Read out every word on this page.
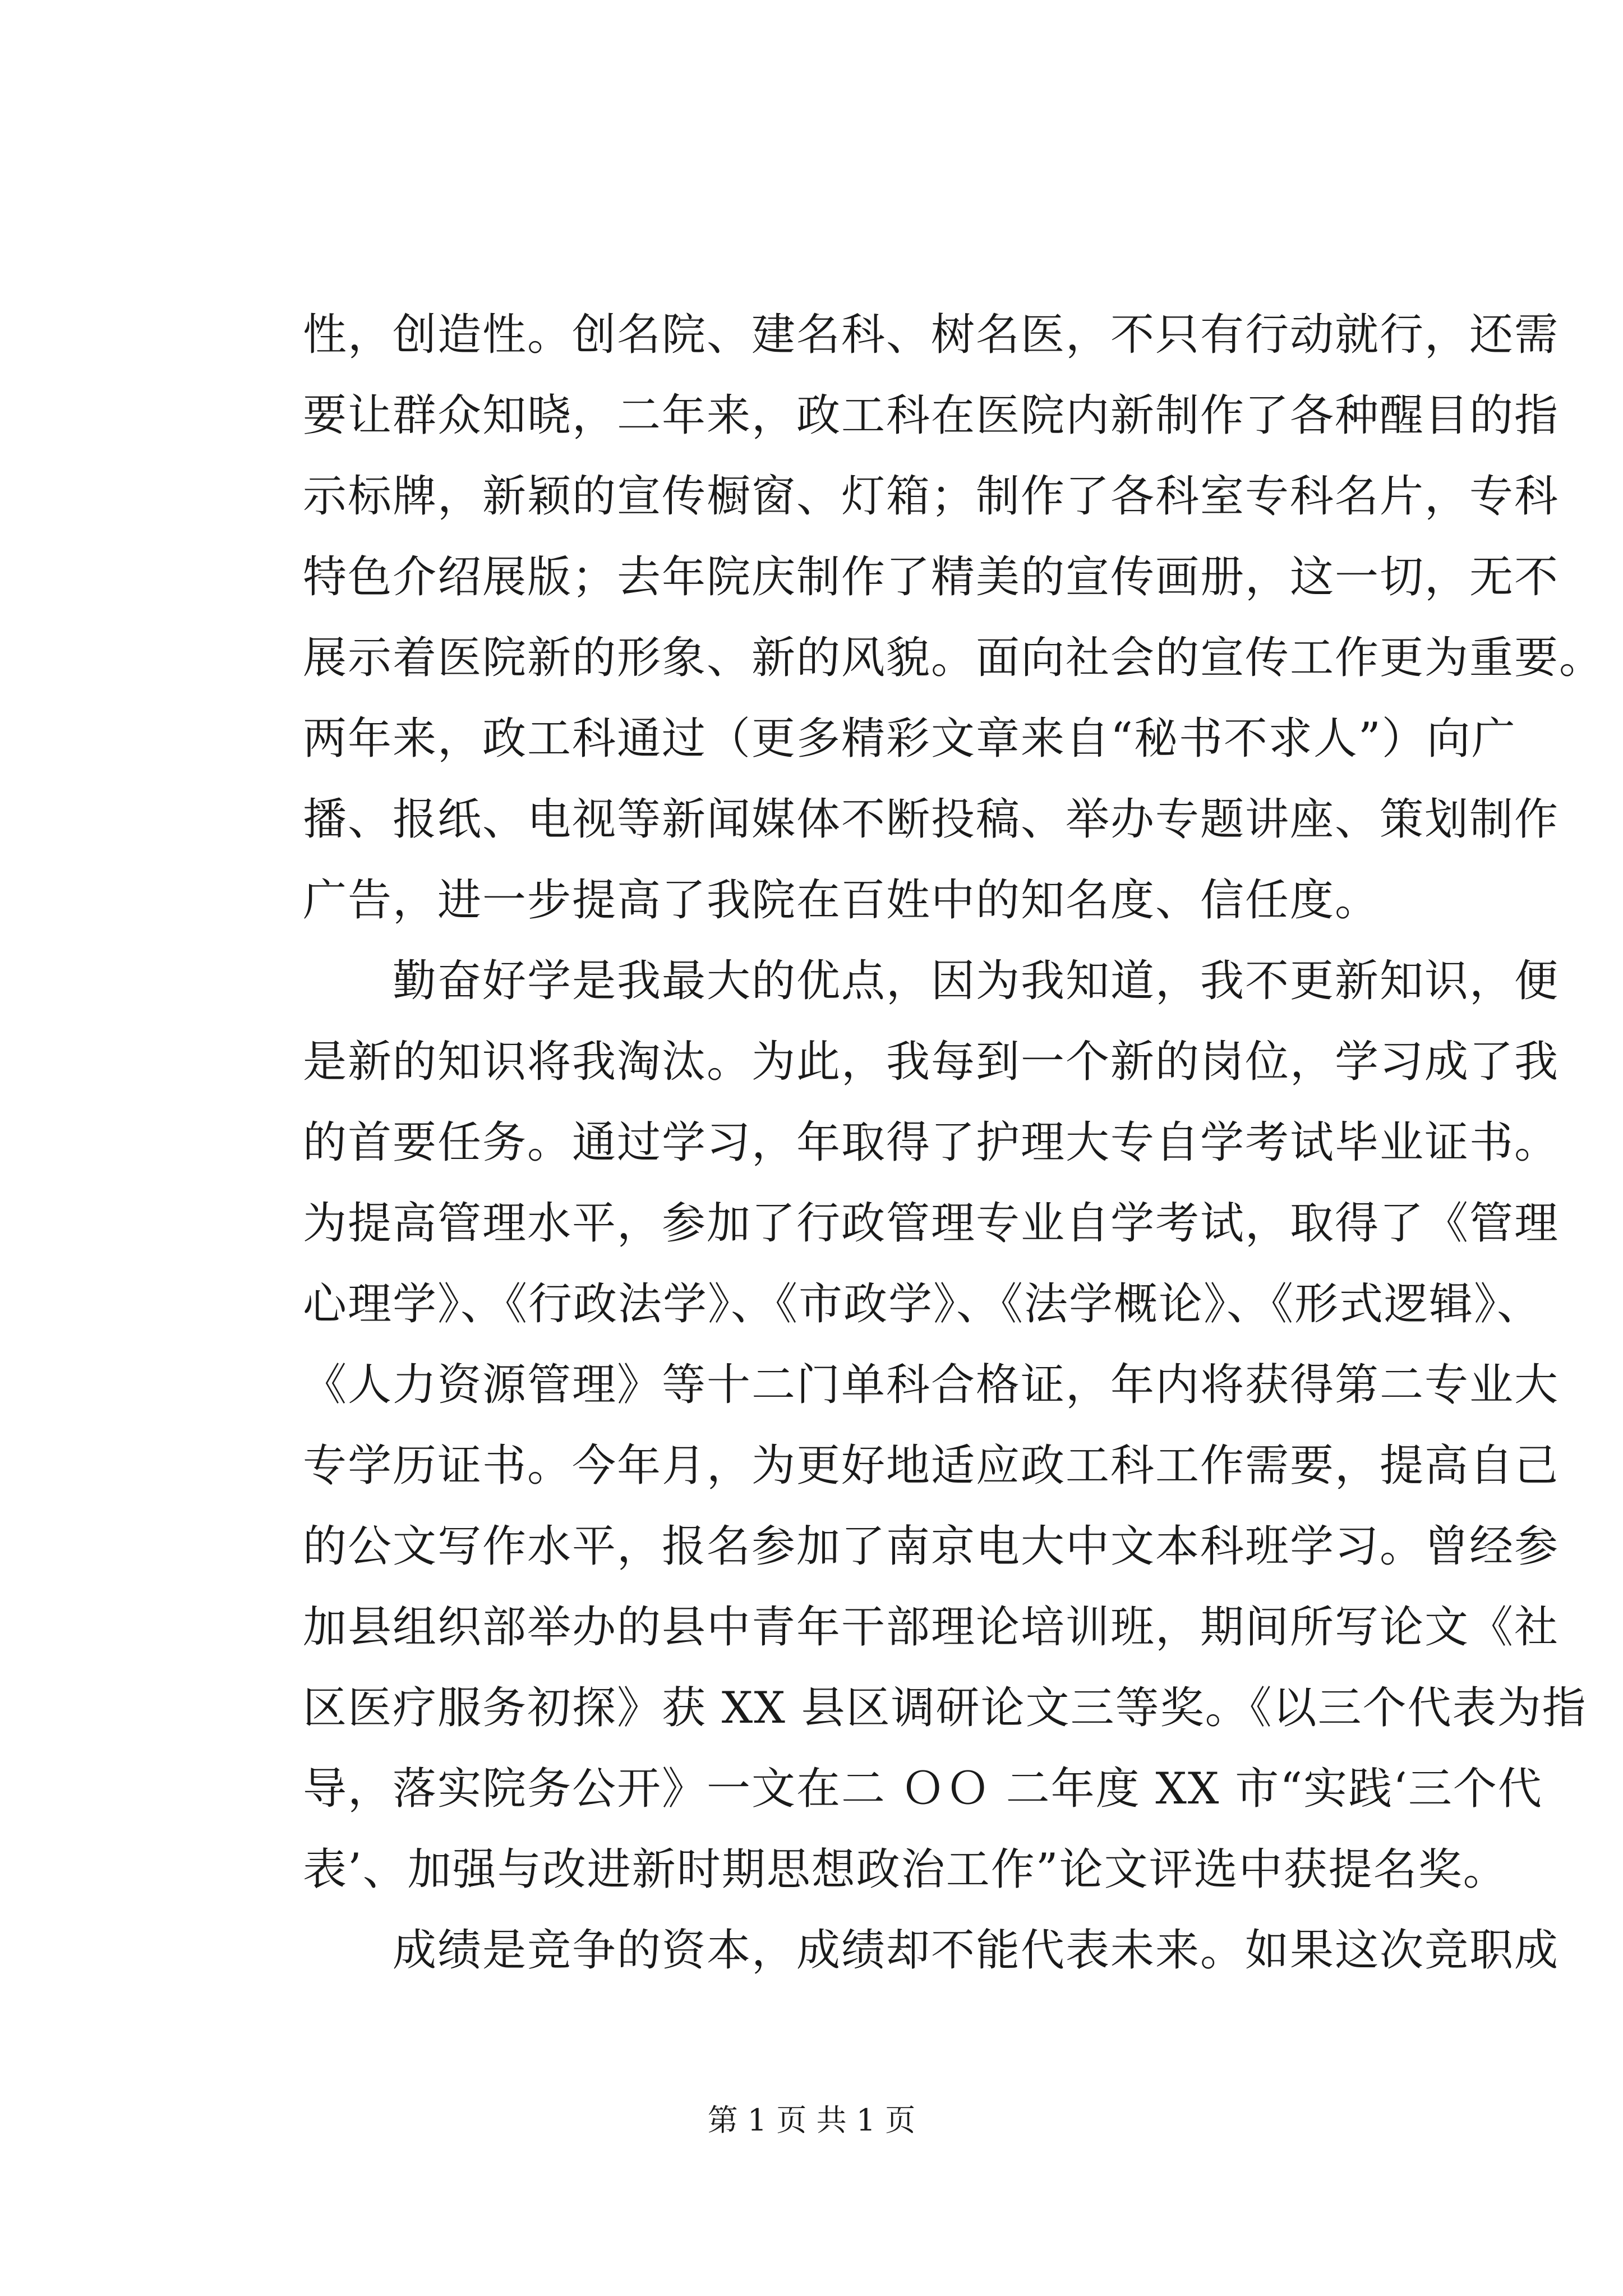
性，创造性。创名院、建名科、树名医，不只有行动就行，还需
要让群众知晓，二年来，政工科在医院内新制作了各种醒目的指
示标牌，新颖的宣传橱窗、灯箱；制作了各科室专科名片，专科
特色介绍展版；去年院庆制作了精美的宣传画册，这一切，无不
展示着医院新的形象、新的风貌。面向社会的宣传工作更为重要。
两年来，政工科通过（更多精彩文章来自“秘书不求人”）向广
播、报纸、电视等新闻媒体不断投稿、举办专题讲座、策划制作
广告，进一步提高了我院在百姓中的知名度、信任度。
勤奋好学是我最大的优点，因为我知道，我不更新知识，便
是新的知识将我淘汰。为此，我每到一个新的岗位，学习成了我
的首要任务。通过学习，年取得了护理大专自学考试毕业证书。
为提高管理水平，参加了行政管理专业自学考试，取得了《管理
心理学》、《行政法学》、《市政学》、《法学概论》、《形式逻辑》、
《人力资源管理》等十二门单科合格证，年内将获得第二专业大
专学历证书。今年月，为更好地适应政工科工作需要，提高自己
的公文写作水平，报名参加了南京电大中文本科班学习。曾经参
加县组织部举办的县中青年干部理论培训班，期间所写论文《社
区医疗服务初探》获 XX 县区调研论文三等奖。《以三个代表为指
导，落实院务公开》一文在二 ＯＯ 二年度 XX 市“实践‘三个代
表’、加强与改进新时期思想政治工作”论文评选中获提名奖。
成绩是竞争的资本，成绩却不能代表未来。如果这次竞职成
第 1 页 共 1 页
